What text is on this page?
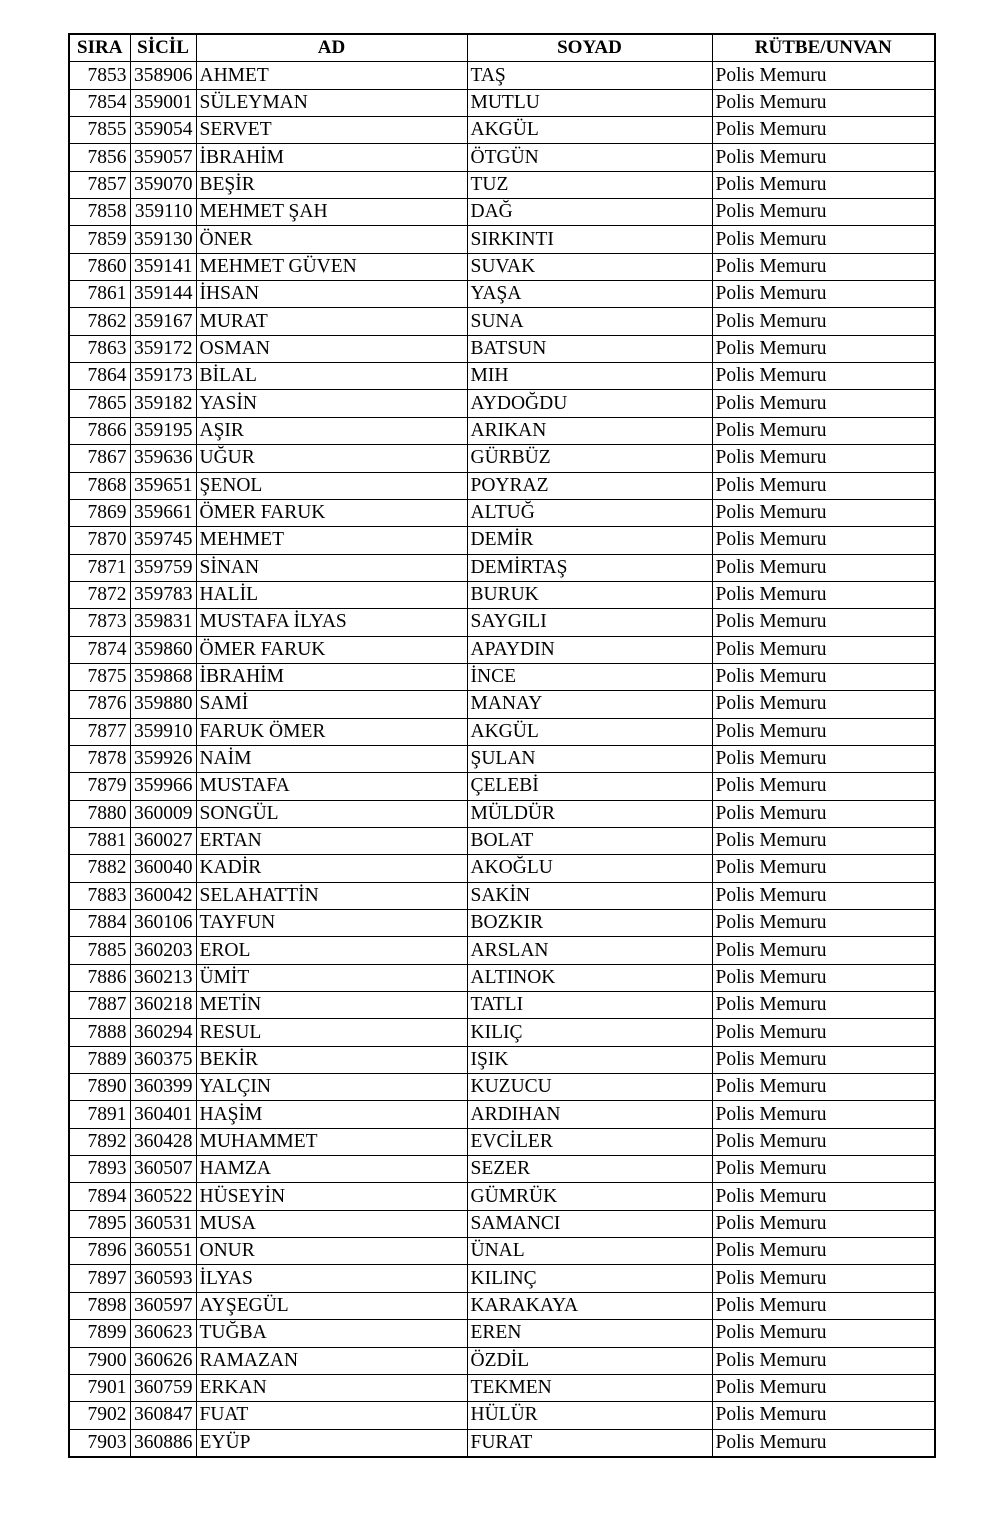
SIRA	SİCİL	AD	SOYAD	RÜTBE/UNVAN
7853	358906	AHMET	TAŞ	Polis Memuru
7854	359001	SÜLEYMAN	MUTLU	Polis Memuru
7855	359054	SERVET	AKGÜL	Polis Memuru
7856	359057	İBRAHİM	ÖTGÜN	Polis Memuru
7857	359070	BEŞİR	TUZ	Polis Memuru
7858	359110	MEHMET ŞAH	DAĞ	Polis Memuru
7859	359130	ÖNER	SIRKINTI	Polis Memuru
7860	359141	MEHMET GÜVEN	SUVAK	Polis Memuru
7861	359144	İHSAN	YAŞA	Polis Memuru
7862	359167	MURAT	SUNA	Polis Memuru
7863	359172	OSMAN	BATSUN	Polis Memuru
7864	359173	BİLAL	MIH	Polis Memuru
7865	359182	YASİN	AYDOĞDU	Polis Memuru
7866	359195	AŞIR	ARIKAN	Polis Memuru
7867	359636	UĞUR	GÜRBÜZ	Polis Memuru
7868	359651	ŞENOL	POYRAZ	Polis Memuru
7869	359661	ÖMER FARUK	ALTUĞ	Polis Memuru
7870	359745	MEHMET	DEMİR	Polis Memuru
7871	359759	SİNAN	DEMİRTAŞ	Polis Memuru
7872	359783	HALİL	BURUK	Polis Memuru
7873	359831	MUSTAFA İLYAS	SAYGILI	Polis Memuru
7874	359860	ÖMER FARUK	APAYDIN	Polis Memuru
7875	359868	İBRAHİM	İNCE	Polis Memuru
7876	359880	SAMİ	MANAY	Polis Memuru
7877	359910	FARUK ÖMER	AKGÜL	Polis Memuru
7878	359926	NAİM	ŞULAN	Polis Memuru
7879	359966	MUSTAFA	ÇELEBİ	Polis Memuru
7880	360009	SONGÜL	MÜLDÜR	Polis Memuru
7881	360027	ERTAN	BOLAT	Polis Memuru
7882	360040	KADİR	AKOĞLU	Polis Memuru
7883	360042	SELAHATTİN	SAKİN	Polis Memuru
7884	360106	TAYFUN	BOZKIR	Polis Memuru
7885	360203	EROL	ARSLAN	Polis Memuru
7886	360213	ÜMİT	ALTINOK	Polis Memuru
7887	360218	METİN	TATLI	Polis Memuru
7888	360294	RESUL	KILIÇ	Polis Memuru
7889	360375	BEKİR	IŞIK	Polis Memuru
7890	360399	YALÇIN	KUZUCU	Polis Memuru
7891	360401	HAŞİM	ARDIHAN	Polis Memuru
7892	360428	MUHAMMET	EVCİLER	Polis Memuru
7893	360507	HAMZA	SEZER	Polis Memuru
7894	360522	HÜSEYİN	GÜMRÜK	Polis Memuru
7895	360531	MUSA	SAMANCI	Polis Memuru
7896	360551	ONUR	ÜNAL	Polis Memuru
7897	360593	İLYAS	KILINÇ	Polis Memuru
7898	360597	AYŞEGÜL	KARAKAYA	Polis Memuru
7899	360623	TUĞBA	EREN	Polis Memuru
7900	360626	RAMAZAN	ÖZDİL	Polis Memuru
7901	360759	ERKAN	TEKMEN	Polis Memuru
7902	360847	FUAT	HÜLÜR	Polis Memuru
7903	360886	EYÜP	FURAT	Polis Memuru
